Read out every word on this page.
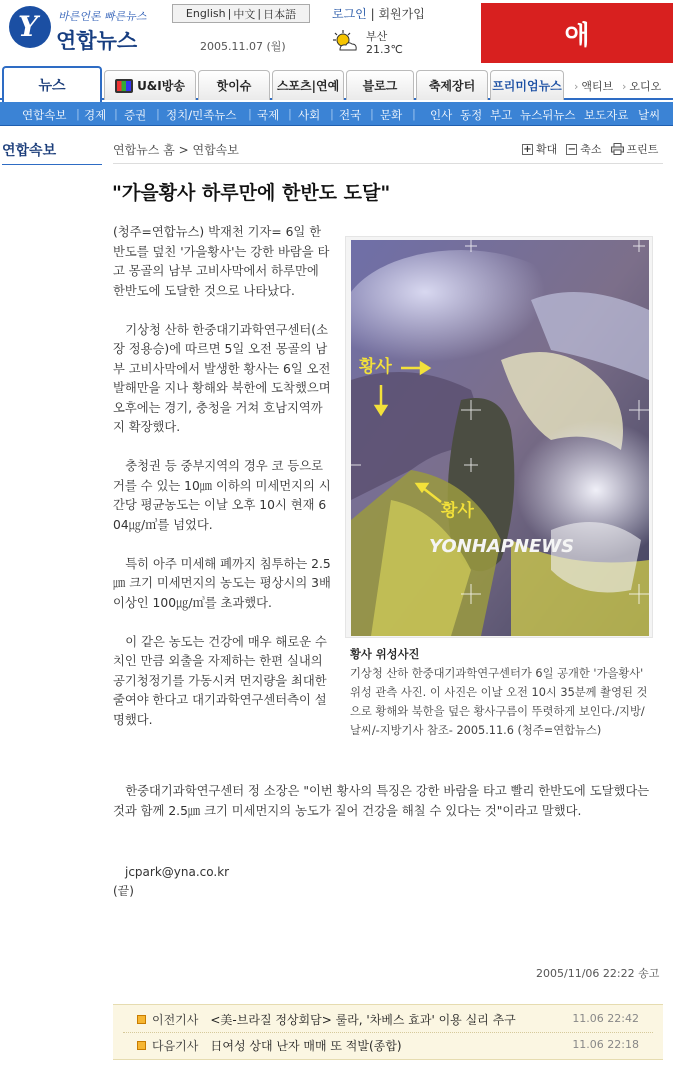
Y 바른언론 빠른뉴스
연합뉴스
English | 中文 | 日本語
2005.11.07 (월)
로그인 | 회원가입
부산
21.3℃	애
뉴스	U&I방송	핫이슈	스포츠|연예	블로그	축제장터	프리미엄뉴스	› 액티브	› 오디오
연합속보 | 경제 | 증권 | 정치/민족뉴스 | 국제 | 사회 | 전국 | 문화 | 인사 동정 부고 뉴스뒤뉴스 보도자료 날씨
연합속보	연합뉴스 홈 > 연합속보	+ 확대 − 축소 프린트
"가을황사 하루만에 한반도 도달"

(청주=연합뉴스) 박재천 기자= 6일 한반도를 덮친 '가을황사'는 강한 바람을 타고 몽골의 남부 고비사막에서 하루만에 한반도에 도달한 것으로 나타났다.

　기상청 산하 한중대기과학연구센터(소장 정용승)에 따르면 5일 오전 몽골의 남부 고비사막에서 발생한 황사는 6일 오전 발해만을 지나 황해와 북한에 도착했으며오후에는 경기, 충청을 거쳐 호남지역까지 확장했다.

　충청권 등 중부지역의 경우 코 등으로 거를 수 있는 10㎛ 이하의 미세먼지의 시간당 평균농도는 이날 오후 10시 현재 604㎍/㎥를 넘었다.

　특히 아주 미세해 폐까지 침투하는 2.5㎛ 크기 미세먼지의 농도는 평상시의 3배 이상인 100㎍/㎥를 초과했다.

　이 같은 농도는 건강에 매우 해로운 수치인 만큼 외출을 자제하는 한편 실내의 공기청정기를 가동시켜 먼지량을 최대한 줄여야 한다고 대기과학연구센터측이 설명했다.

황사
황사
YONHAPNEWS
황사 위성사진
기상청 산하 한중대기과학연구센터가 6일 공개한 '가을황사' 위성 관측 사진. 이 사진은 이날 오전 10시 35분께 촬영된 것으로 황해와 북한을 덮은 황사구름이 뚜렷하게 보인다./지방/날씨/-지방기사 참조- 2005.11.6 (청주=연합뉴스)
　한중대기과학연구센터 정 소장은 "이번 황사의 특징은 강한 바람을 타고 빨리 한반도에 도달했다는 것과 함께 2.5㎛ 크기 미세먼지의 농도가 짙어 건강을 해칠 수 있다는 것"이라고 말했다.
　jcpark@yna.co.kr
(끝)
2005/11/06 22:22 송고
이전기사 <美-브라질 정상회담> 룰라, '차베스 효과' 이용 실리 추구	11.06 22:42
다음기사 日여성 상대 난자 매매 또 적발(종합)	11.06 22:18
